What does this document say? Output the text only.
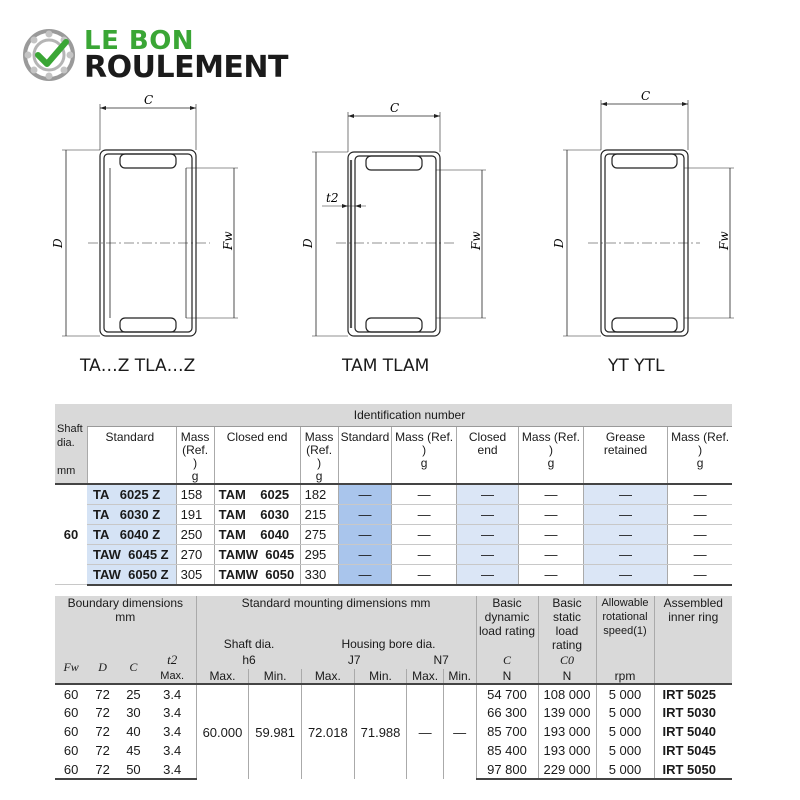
LE BON
ROULEMENT
C
C
C
D	D	D
Fw	Fw	Fw
t2
TA…Z TLA…Z	TAM TLAM	YT YTL
Shaft
dia.

mm	Identification number									
	Standard	Mass (Ref. )
g	Closed end	Mass (Ref. )
g	Standard	Mass (Ref. )
g	Closed end	Mass (Ref. )
g	Grease retained	Mass (Ref. )
g
60	TA   6025 Z	158	TAM    6025	182	—	—	—	—	—	—
	TA   6030 Z	191	TAM    6030	215	—	—	—	—	—	—
	TA   6040 Z	250	TAM    6040	275	—	—	—	—	—	—
	TAW  6045 Z	270	TAMW  6045	295	—	—	—	—	—	—
	TAW  6050 Z	305	TAMW  6050	330	—	—	—	—	—	—
Boundary dimensions
mm				Standard mounting dimensions mm						Basic dynamic load rating	Basic static load rating	Allowable rotational speed(1)	Assembled inner ring
				Shaft dia.		Housing bore dia.							
Fw	D	C	t2	h6		J7		N7		C	C0		
			Max.	Max.	Min.	Max.	Min.	Max.	Min.	N	N	rpm	
60	72	25	3.4	60.000	59.981	72.018	71.988	—	—	54 700	108 000	5 000	IRT 5025
60	72	30	3.4							66 300	139 000	5 000	IRT 5030
60	72	40	3.4							85 700	193 000	5 000	IRT 5040
60	72	45	3.4							85 400	193 000	5 000	IRT 5045
60	72	50	3.4							97 800	229 000	5 000	IRT 5050
